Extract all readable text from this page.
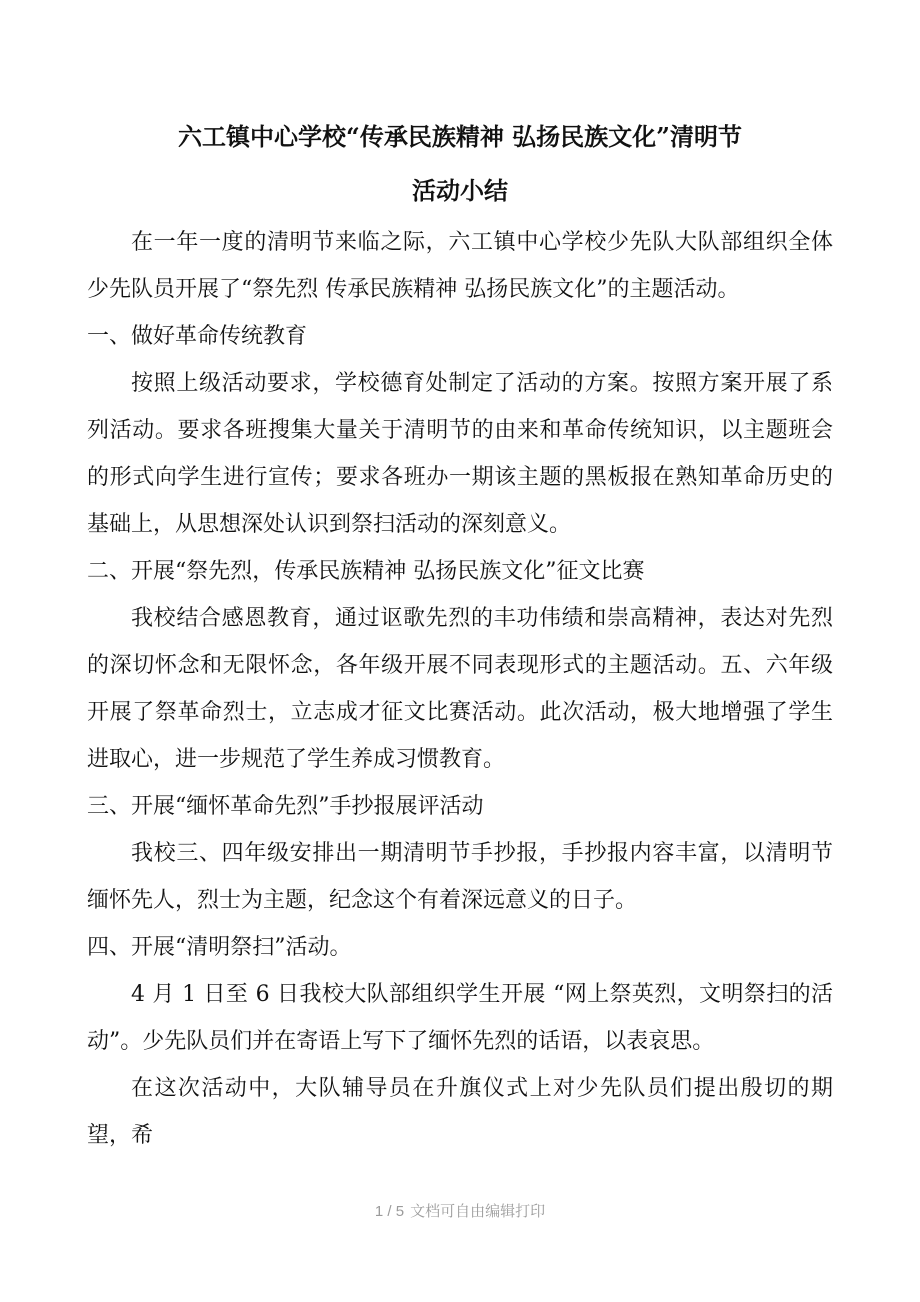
六工镇中心学校“传承民族精神 弘扬民族文化”清明节
活动小结

在一年一度的清明节来临之际，六工镇中心学校少先队大队部组织全体少先队员开展了“祭先烈 传承民族精神 弘扬民族文化”的主题活动。

一、做好革命传统教育

按照上级活动要求，学校德育处制定了活动的方案。按照方案开展了系列活动。要求各班搜集大量关于清明节的由来和革命传统知识，以主题班会的形式向学生进行宣传；要求各班办一期该主题的黑板报在熟知革命历史的基础上，从思想深处认识到祭扫活动的深刻意义。

二、开展“祭先烈，传承民族精神 弘扬民族文化”征文比赛

我校结合感恩教育，通过讴歌先烈的丰功伟绩和崇高精神，表达对先烈的深切怀念和无限怀念，各年级开展不同表现形式的主题活动。五、六年级开展了祭革命烈士，立志成才征文比赛活动。此次活动，极大地增强了学生进取心，进一步规范了学生养成习惯教育。

三、开展“缅怀革命先烈”手抄报展评活动

我校三、四年级安排出一期清明节手抄报，手抄报内容丰富，以清明节缅怀先人，烈士为主题，纪念这个有着深远意义的日子。

四、开展“清明祭扫”活动。

4 月 1 日至 6 日我校大队部组织学生开展 “网上祭英烈，文明祭扫的活动”。少先队员们并在寄语上写下了缅怀先烈的话语，以表哀思。

在这次活动中，大队辅导员在升旗仪式上对少先队员们提出殷切的期望，希

1 / 5 文档可自由编辑打印
